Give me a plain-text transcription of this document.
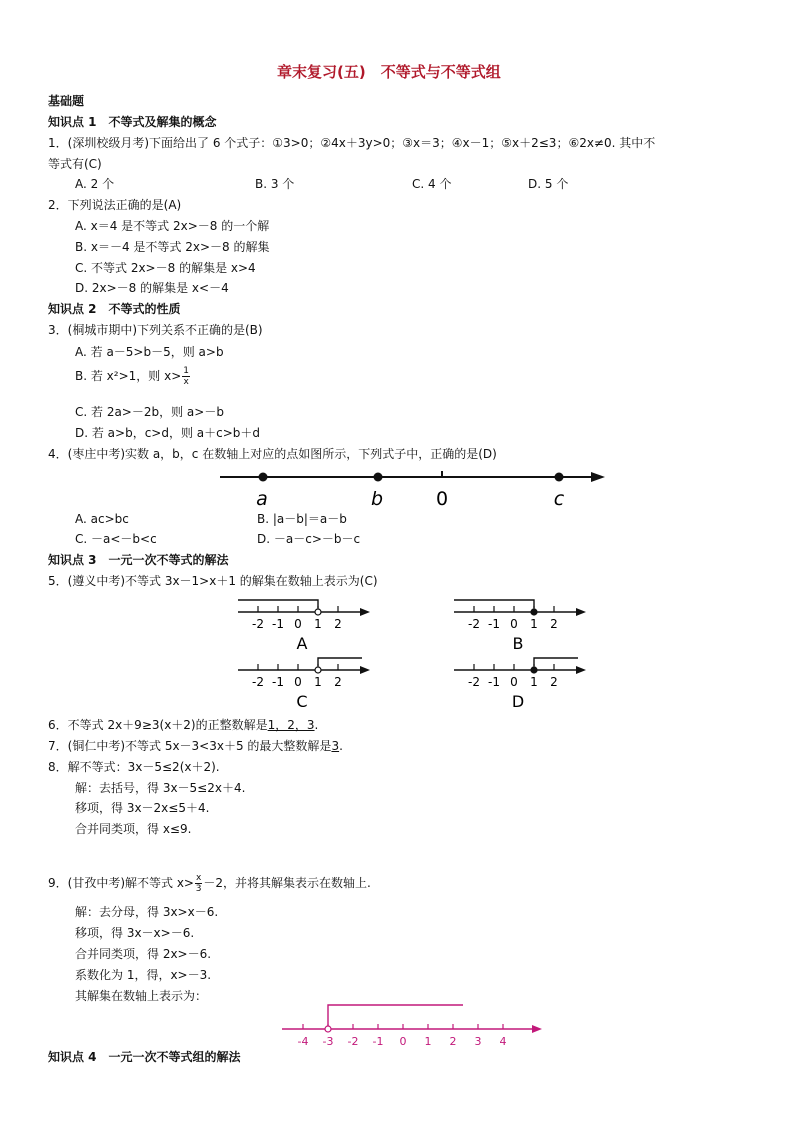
章末复习(五)　不等式与不等式组
基础题
知识点 1　不等式及解集的概念
1．(深圳校级月考)下面给出了 6 个式子：①3>0；②4x＋3y>0；③x＝3；④x－1；⑤x＋2≤3；⑥2x≠0. 其中不
等式有(C)
A. 2 个	B. 3 个	C. 4 个	D. 5 个
2．下列说法正确的是(A)
A. x＝4 是不等式 2x>－8 的一个解
B. x＝－4 是不等式 2x>－8 的解集
C. 不等式 2x>－8 的解集是 x>4
D. 2x>－8 的解集是 x<－4
知识点 2　不等式的性质
3．(桐城市期中)下列关系不正确的是(B)
A. 若 a－5>b－5，则 a>b
B. 若 x²>1，则 $x> \frac{1}{x}$
C. 若 2a>－2b，则 a>－b
D. 若 a>b，c>d，则 a＋c>b＋d
4．(枣庄中考)实数 a，b，c 在数轴上对应的点如图所示，下列式子中，正确的是(D)
a	b	0	c
A. ac>bc	B. |a－b|＝a－b
C. －a<－b<c	D. －a－c>－b－c
知识点 3　一元一次不等式的解法
5．(遵义中考)不等式 3x－1>x＋1 的解集在数轴上表示为(C)
-2 -1 0 1 2
A
-2 -1 0 1 2
B
-2 -1 0 1 2
C
-2 -1 0 1 2
D
6．不等式 2x＋9≥3(x＋2)的正整数解是1，2，3.
7．(铜仁中考)不等式 5x－3<3x＋5 的最大整数解是3.
8．解不等式：3x－5≤2(x＋2).
解：去括号，得 3x－5≤2x＋4.
移项，得 3x－2x≤5＋4.
合并同类项，得 x≤9.
9．(甘孜中考)解不等式 $x> \frac{x}{3} -2$，并将其解集表示在数轴上.
解：去分母，得 3x>x－6.
移项，得 3x－x>－6.
合并同类项，得 2x>－6.
系数化为 1，得，x>－3.
其解集在数轴上表示为：
-4 -3 -2 -1 0 1 2 3 4
知识点 4　一元一次不等式组的解法
